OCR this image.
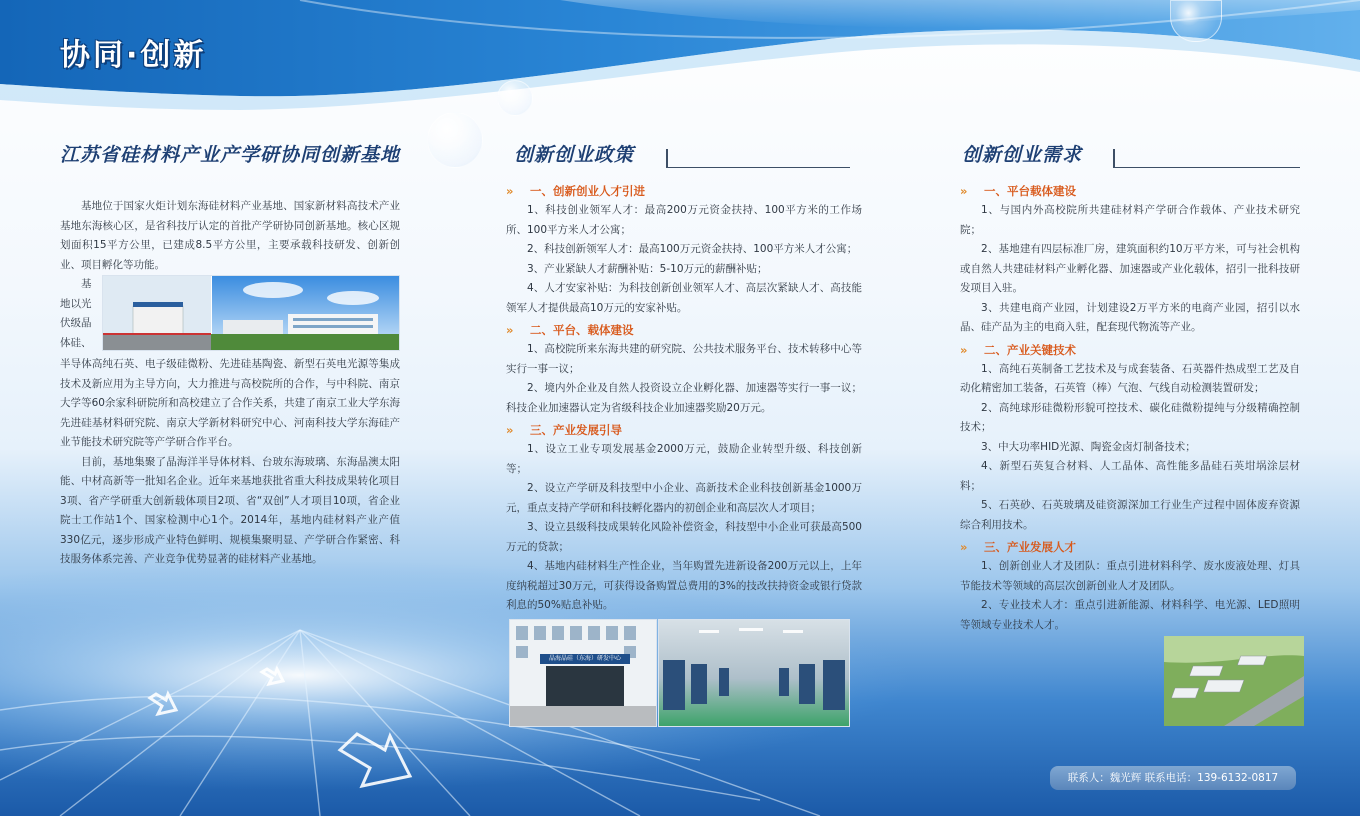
协同·创新
江苏省硅材料产业产学研协同创新基地

基地位于国家火炬计划东海硅材料产业基地、国家新材料高技术产业基地东海核心区，是省科技厅认定的首批产学研协同创新基地。核心区规划面积15平方公里，已建成8.5平方公里，主要承载科技研发、创新创业、项目孵化等功能。

基
地以光
伏级晶
体硅、

半导体高纯石英、电子级硅微粉、先进硅基陶瓷、新型石英电光源等集成技术及新应用为主导方向，大力推进与高校院所的合作，与中科院、南京大学等60余家科研院所和高校建立了合作关系，共建了南京工业大学东海先进硅基材料研究院、南京大学新材料研究中心、河南科技大学东海硅产业节能技术研究院等产学研合作平台。

目前，基地集聚了晶海洋半导体材料、台玻东海玻璃、东海晶澳太阳能、中材高新等一批知名企业。近年来基地获批省重大科技成果转化项目3项、省产学研重大创新载体项目2项、省“双创”人才项目10项，省企业院士工作站1个、国家检测中心1个。2014年，基地内硅材料产业产值330亿元，逐步形成产业特色鲜明、规模集聚明显、产学研合作紧密、科技服务体系完善、产业竞争优势显著的硅材料产业基地。

创新创业政策
» 一、创新创业人才引进

1、科技创业领军人才：最高200万元资金扶持、100平方米的工作场所、100平方米人才公寓；

2、科技创新领军人才：最高100万元资金扶持、100平方米人才公寓；

3、产业紧缺人才薪酬补贴：5-10万元的薪酬补贴；

4、人才安家补贴：为科技创新创业领军人才、高层次紧缺人才、高技能领军人才提供最高10万元的安家补贴。

» 二、平台、载体建设

1、高校院所来东海共建的研究院、公共技术服务平台、技术转移中心等实行一事一议；

2、境内外企业及自然人投资设立企业孵化器、加速器等实行一事一议；科技企业加速器认定为省级科技企业加速器奖励20万元。

» 三、产业发展引导

1、设立工业专项发展基金2000万元，鼓励企业转型升级、科技创新等；

2、设立产学研及科技型中小企业、高新技术企业科技创新基金1000万元，重点支持产学研和科技孵化器内的初创企业和高层次人才项目；

3、设立县级科技成果转化风险补偿资金，科技型中小企业可获最高500万元的贷款；

4、基地内硅材料生产性企业，当年购置先进新设备200万元以上，上年度纳税超过30万元，可获得设备购置总费用的3%的技改扶持资金或银行贷款利息的50%贴息补贴。

晶海晶硅（东海）研发中心
创新创业需求
» 一、平台载体建设

1、与国内外高校院所共建硅材料产学研合作载体、产业技术研究院；

2、基地建有四层标准厂房，建筑面积约10万平方米，可与社会机构或自然人共建硅材料产业孵化器、加速器或产业化载体，招引一批科技研发项目入驻。

3、共建电商产业园，计划建设2万平方米的电商产业园，招引以水晶、硅产品为主的电商入驻，配套现代物流等产业。

» 二、产业关键技术

1、高纯石英制备工艺技术及与成套装备、石英器件热成型工艺及自动化精密加工装备，石英管（棒）气泡、气线自动检测装置研发；

2、高纯球形硅微粉形貌可控技术、碳化硅微粉提纯与分级精确控制技术；

3、中大功率HID光源、陶瓷金卤灯制备技术；

4、新型石英复合材料、人工晶体、高性能多晶硅石英坩埚涂层材料；

5、石英砂、石英玻璃及硅资源深加工行业生产过程中固体废弃资源综合利用技术。

» 三、产业发展人才

1、创新创业人才及团队：重点引进材料科学、废水废液处理、灯具节能技术等领域的高层次创新创业人才及团队。

2、专业技术人才：重点引进新能源、材料科学、电光源、LED照明等领域专业技术人才。

联系人：魏光辉 联系电话：139-6132-0817
